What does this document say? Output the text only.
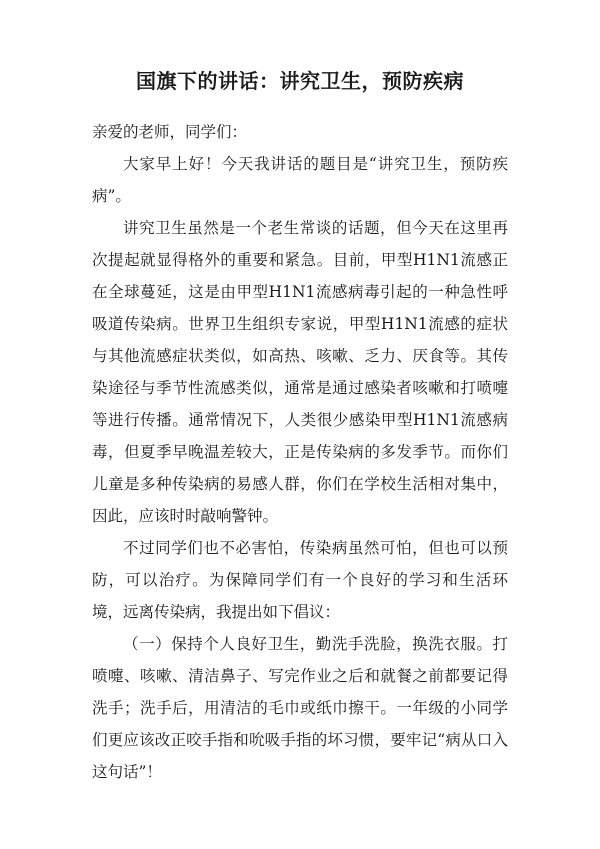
国旗下的讲话：讲究卫生，预防疾病

亲爱的老师，同学们：

大家早上好！今天我讲话的题目是“讲究卫生，预防疾病”。

讲究卫生虽然是一个老生常谈的话题，但今天在这里再次提起就显得格外的重要和紧急。目前，甲型H1N1流感正在全球蔓延，这是由甲型H1N1流感病毒引起的一种急性呼吸道传染病。世界卫生组织专家说，甲型H1N1流感的症状与其他流感症状类似，如高热、咳嗽、乏力、厌食等。其传染途径与季节性流感类似，通常是通过感染者咳嗽和打喷嚏等进行传播。通常情况下，人类很少感染甲型H1N1流感病毒，但夏季早晚温差较大，正是传染病的多发季节。而你们儿童是多种传染病的易感人群，你们在学校生活相对集中，因此，应该时时敲响警钟。

不过同学们也不必害怕，传染病虽然可怕，但也可以预防，可以治疗。为保障同学们有一个良好的学习和生活环境，远离传染病，我提出如下倡议：

（一）保持个人良好卫生，勤洗手洗脸，换洗衣服。打喷嚏、咳嗽、清洁鼻子、写完作业之后和就餐之前都要记得洗手；洗手后，用清洁的毛巾或纸巾擦干。一年级的小同学们更应该改正咬手指和吮吸手指的坏习惯，要牢记“病从口入这句话”！
